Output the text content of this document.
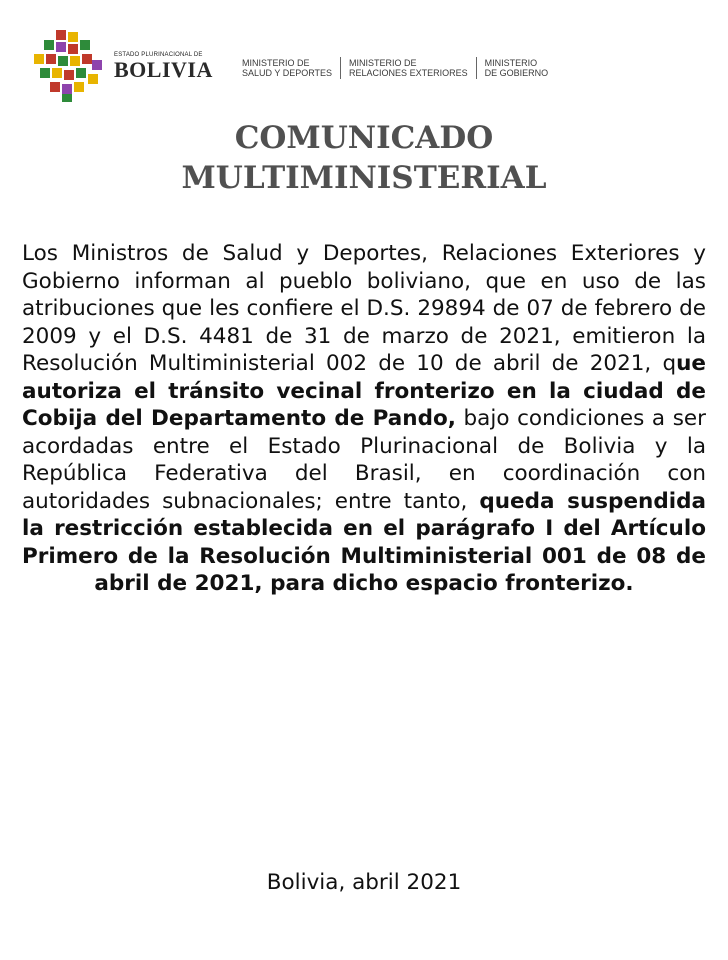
ESTADO PLURINACIONAL DE
BOLIVIA	MINISTERIO DE
SALUD Y DEPORTES
MINISTERIO DE
RELACIONES EXTERIORES
MINISTERIO
DE GOBIERNO
COMUNICADO
MULTIMINISTERIAL
Los Ministros de Salud y Deportes, Relaciones Exteriores y Gobierno informan al pueblo boliviano, que en uso de las atribuciones que les confiere el D.S. 29894 de 07 de febrero de 2009 y el D.S. 4481 de 31 de marzo de 2021, emitieron la Resolución Multiministerial 002 de 10 de abril de 2021, que autoriza el tránsito vecinal fronterizo en la ciudad de Cobija del Departamento de Pando, bajo condiciones a ser acordadas entre el Estado Plurinacional de Bolivia y la República Federativa del Brasil, en coordinación con autoridades subnacionales; entre tanto, queda suspendida la restricción establecida en el parágrafo I del Artículo Primero de la Resolución Multiministerial 001 de 08 de abril de 2021, para dicho espacio fronterizo.
Bolivia, abril 2021
